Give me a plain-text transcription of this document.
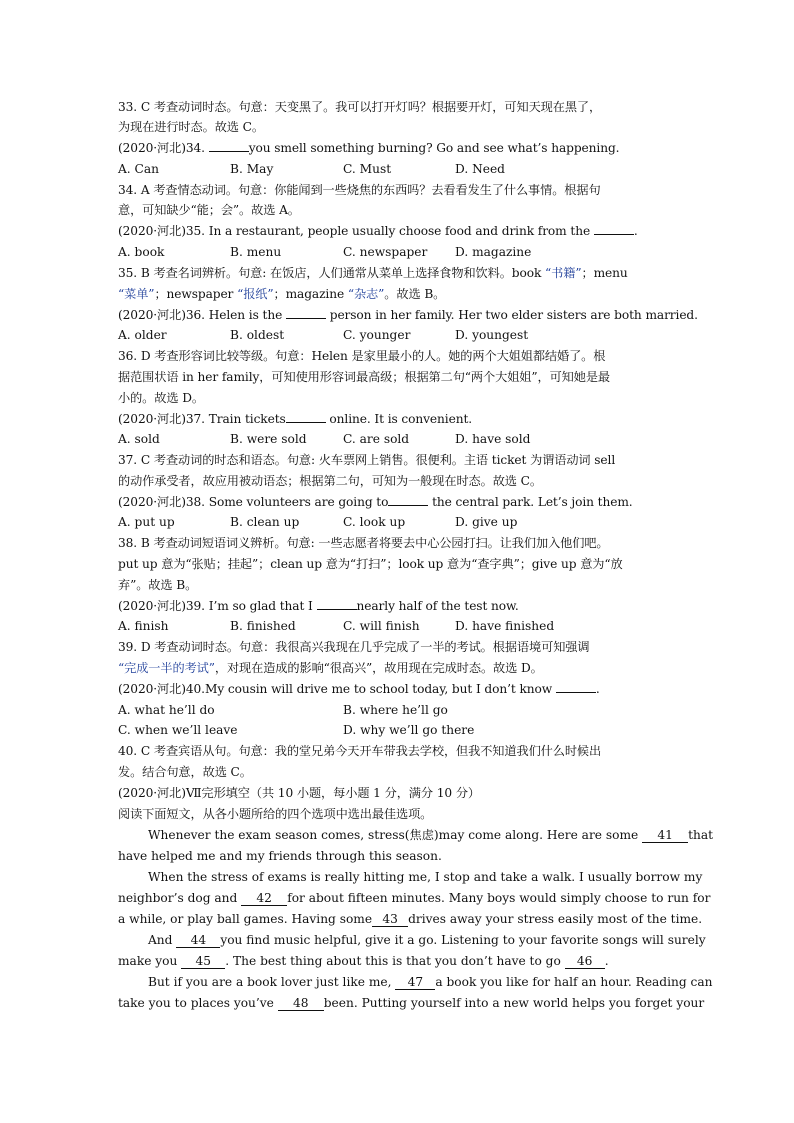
33. C 考查动词时态。句意：天变黑了。我可以打开灯吗？根据要开灯，可知天现在黑了，
为现在进行时态。故选 C。
(2020·河北)34.	you smell something burning? Go and see what’s happening.
A. Can	B. May	C. Must	D. Need
34. A 考查情态动词。句意：你能闻到一些烧焦的东西吗？去看看发生了什么事情。根据句
意，可知缺少“能；会”。故选 A。
(2020·河北)35. In a restaurant, people usually choose food and drink from the	.
A. book	B. menu	C. newspaper D. magazine
35. B 考查名词辨析。句意: 在饭店，人们通常从菜单上选择食物和饮料。book “书籍”；menu
“菜单”；newspaper “报纸”；magazine “杂志”。故选 B。
(2020·河北)36. Helen is the	person in her family. Her two elder sisters are both married.
A. older	B. oldest	C. younger	D. youngest
36. D 考查形容词比较等级。句意：Helen 是家里最小的人。她的两个大姐姐都结婚了。根
据范围状语 in her family，可知使用形容词最高级；根据第二句“两个大姐姐”，可知她是最
小的。故选 D。
(2020·河北)37. Train tickets	online. It is convenient.
A. sold	B. were sold	C. are sold	D. have sold
37. C 考查动词的时态和语态。句意: 火车票网上销售。很便利。主语 ticket 为谓语动词 sell
的动作承受者，故应用被动语态；根据第二句，可知为一般现在时态。故选 C。
(2020·河北)38. Some volunteers are going to	the central park. Let’s join them.
A. put up	B. clean up	C. look up	D. give up
38. B 考查动词短语词义辨析。句意: 一些志愿者将要去中心公园打扫。让我们加入他们吧。
put up 意为“张贴；挂起”；clean up 意为“打扫”；look up 意为“查字典”；give up 意为“放
弃”。故选 B。
(2020·河北)39. I’m so glad that I	nearly half of the test now.
A. finish	B. finished	C. will finish	D. have finished
39. D 考查动词时态。句意：我很高兴我现在几乎完成了一半的考试。根据语境可知强调
“完成一半的考试”，对现在造成的影响“很高兴”，故用现在完成时态。故选 D。
(2020·河北)40.My cousin will drive me to school today, but I don’t know	.
A. what he’ll do	B. where he’ll go
C. when we’ll leave	D. why we’ll go there
40. C 考查宾语从句。句意：我的堂兄弟今天开车带我去学校，但我不知道我们什么时候出
发。结合句意，故选 C。
(2020·河北)Ⅶ完形填空（共 10 小题，每小题 1 分，满分 10 分）
阅读下面短文，从各小题所给的四个选项中选出最佳选项。
Whenever the exam season comes, stress(焦虑)may come along. Here are some 41 that
have helped me and my friends through this season.
When the stress of exams is really hitting me, I stop and take a walk. I usually borrow my
neighbor’s dog and 42 for about fifteen minutes. Many boys would simply choose to run for
a while, or play ball games. Having some 43 drives away your stress easily most of the time.
And 44 you find music helpful, give it a go. Listening to your favorite songs will surely
make you 45 . The best thing about this is that you don’t have to go 46 .
But if you are a book lover just like me, 47 a book you like for half an hour. Reading can
take you to places you’ve 48 been. Putting yourself into a new world helps you forget your
